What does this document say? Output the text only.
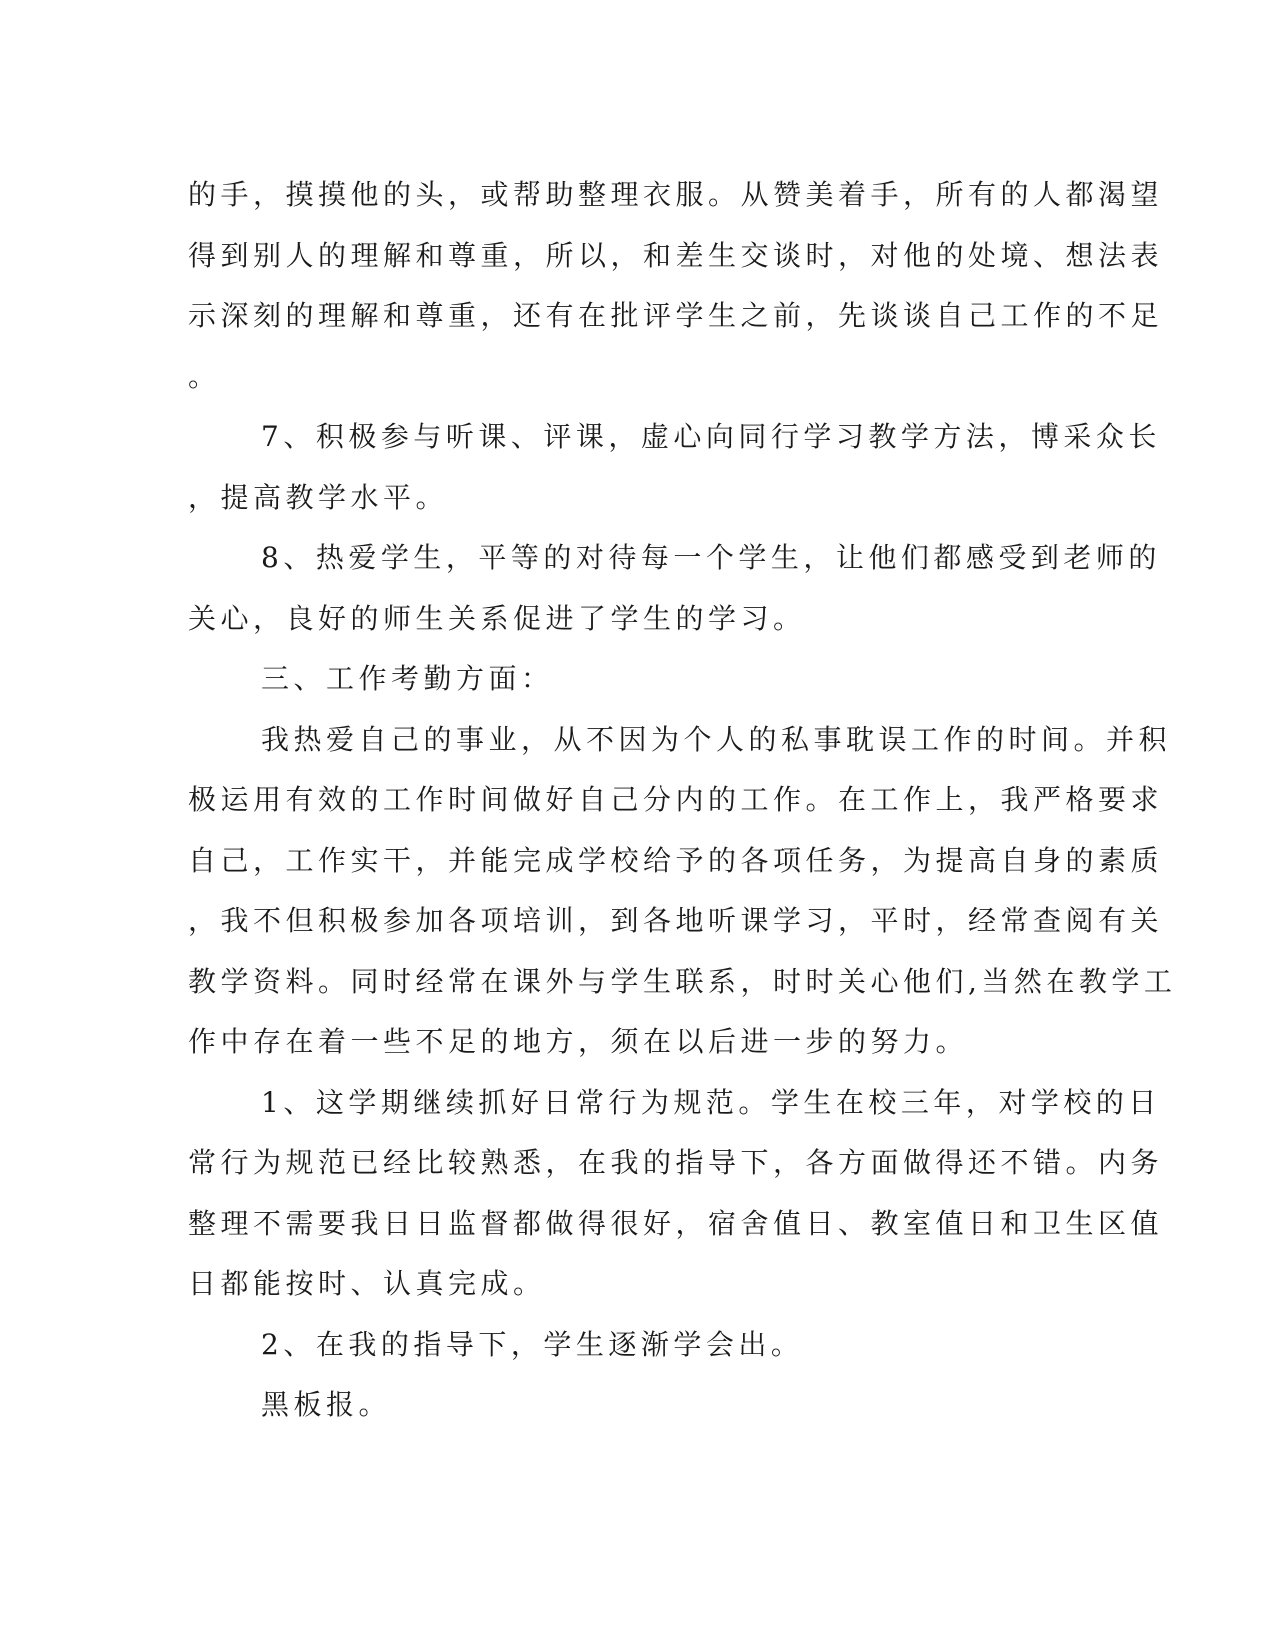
的手，摸摸他的头，或帮助整理衣服。从赞美着手，所有的人都渴望
得到别人的理解和尊重，所以，和差生交谈时，对他的处境、想法表
示深刻的理解和尊重，还有在批评学生之前，先谈谈自己工作的不足
。
7、积极参与听课、评课，虚心向同行学习教学方法，博采众长
，提高教学水平。
8、热爱学生，平等的对待每一个学生，让他们都感受到老师的
关心，良好的师生关系促进了学生的学习。
三、工作考勤方面：
我热爱自己的事业，从不因为个人的私事耽误工作的时间。并积
极运用有效的工作时间做好自己分内的工作。在工作上，我严格要求
自己，工作实干，并能完成学校给予的各项任务，为提高自身的素质
，我不但积极参加各项培训，到各地听课学习，平时，经常查阅有关
教学资料。同时经常在课外与学生联系，时时关心他们,当然在教学工
作中存在着一些不足的地方，须在以后进一步的努力。
1、这学期继续抓好日常行为规范。学生在校三年，对学校的日
常行为规范已经比较熟悉，在我的指导下，各方面做得还不错。内务
整理不需要我日日监督都做得很好，宿舍值日、教室值日和卫生区值
日都能按时、认真完成。
2、在我的指导下，学生逐渐学会出。
黑板报。
